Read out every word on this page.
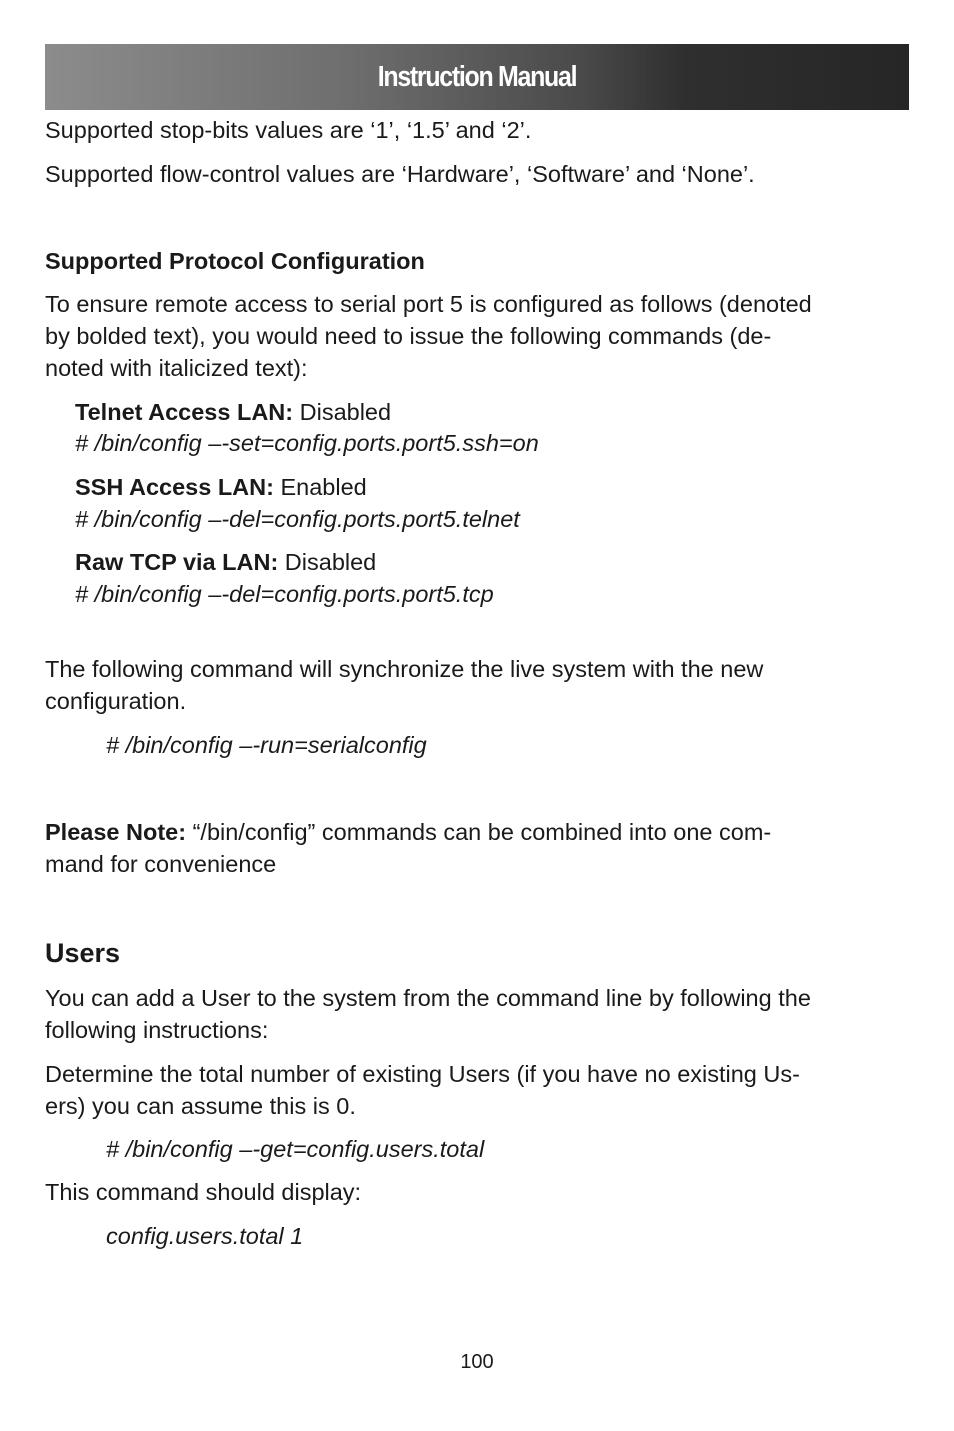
Instruction Manual

Supported stop-bits values are ‘1’, ‘1.5’ and ‘2’.

Supported flow-control values are ‘Hardware’, ‘Software’ and ‘None’.

Supported Protocol Configuration

To ensure remote access to serial port 5 is configured as follows (denoted

by bolded text), you would need to issue the following commands (de-

noted with italicized text):

Telnet Access LAN: Disabled

# /bin/config –-set=config.ports.port5.ssh=on

SSH Access LAN: Enabled

# /bin/config –-del=config.ports.port5.telnet

Raw TCP via LAN: Disabled

# /bin/config –-del=config.ports.port5.tcp

The following command will synchronize the live system with the new

configuration.

# /bin/config –-run=serialconfig

Please Note: “/bin/config” commands can be combined into one com-

mand for convenience

Users

You can add a User to the system from the command line by following the

following instructions:

Determine the total number of existing Users (if you have no existing Us-

ers) you can assume this is 0.

# /bin/config –-get=config.users.total

This command should display:

config.users.total 1

100
